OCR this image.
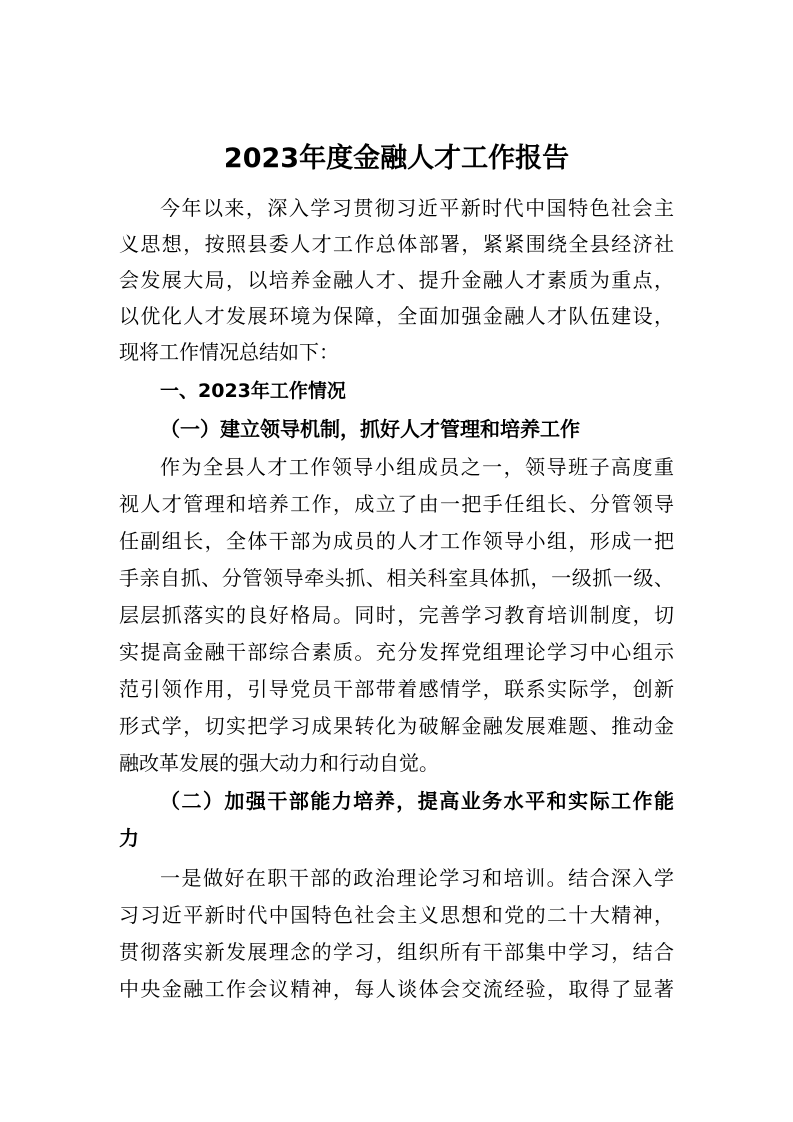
2023年度金融人才工作报告
今年以来，深入学习贯彻习近平新时代中国特色社会主
义思想，按照县委人才工作总体部署，紧紧围绕全县经济社
会发展大局，以培养金融人才、提升金融人才素质为重点，
以优化人才发展环境为保障，全面加强金融人才队伍建设，
现将工作情况总结如下：
一、2023年工作情况
（一）建立领导机制，抓好人才管理和培养工作
作为全县人才工作领导小组成员之一，领导班子高度重
视人才管理和培养工作，成立了由一把手任组长、分管领导
任副组长，全体干部为成员的人才工作领导小组，形成一把
手亲自抓、分管领导牵头抓、相关科室具体抓，一级抓一级、
层层抓落实的良好格局。同时，完善学习教育培训制度，切
实提高金融干部综合素质。充分发挥党组理论学习中心组示
范引领作用，引导党员干部带着感情学，联系实际学，创新
形式学，切实把学习成果转化为破解金融发展难题、推动金
融改革发展的强大动力和行动自觉。
（二）加强干部能力培养，提高业务水平和实际工作能
力
一是做好在职干部的政治理论学习和培训。结合深入学
习习近平新时代中国特色社会主义思想和党的二十大精神，
贯彻落实新发展理念的学习，组织所有干部集中学习，结合
中央金融工作会议精神，每人谈体会交流经验，取得了显著
